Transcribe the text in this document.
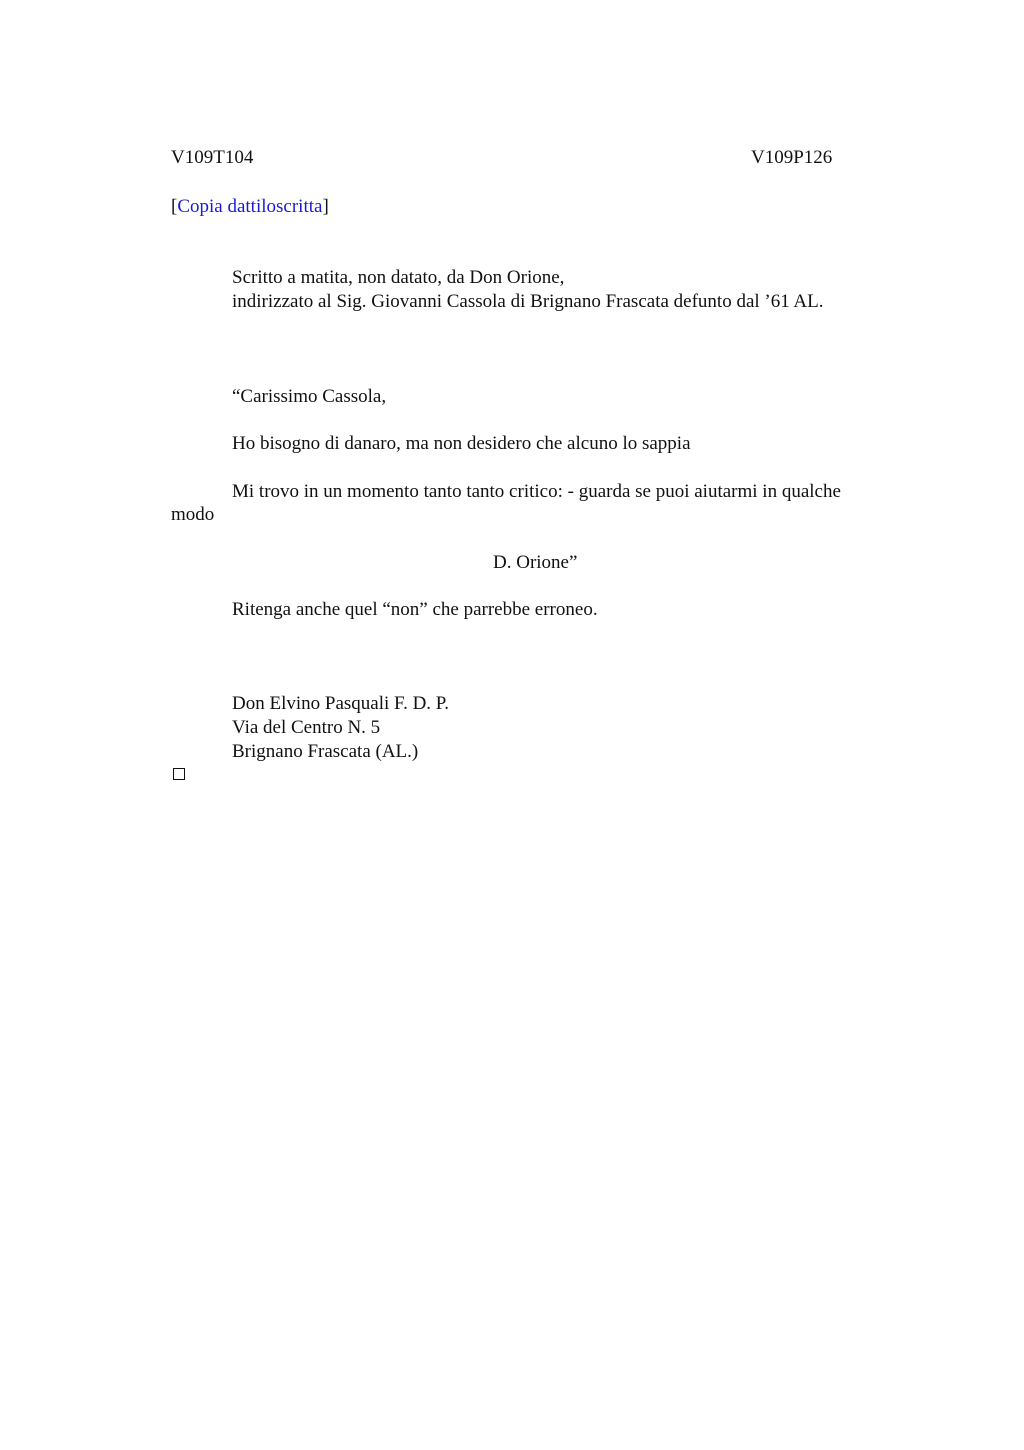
V109T104	V109P126
[Copia dattiloscritta]
Scritto a matita, non datato, da Don Orione,
indirizzato al Sig. Giovanni Cassola di Brignano Frascata defunto dal ’61 AL.
“Carissimo Cassola,
Ho bisogno di danaro, ma non desidero che alcuno lo sappia
Mi trovo in un momento tanto tanto critico: - guarda se puoi aiutarmi in qualche
modo
D. Orione”
Ritenga anche quel “non” che parrebbe erroneo.
Don Elvino Pasquali F. D. P.
Via del Centro N. 5
Brignano Frascata (AL.)
